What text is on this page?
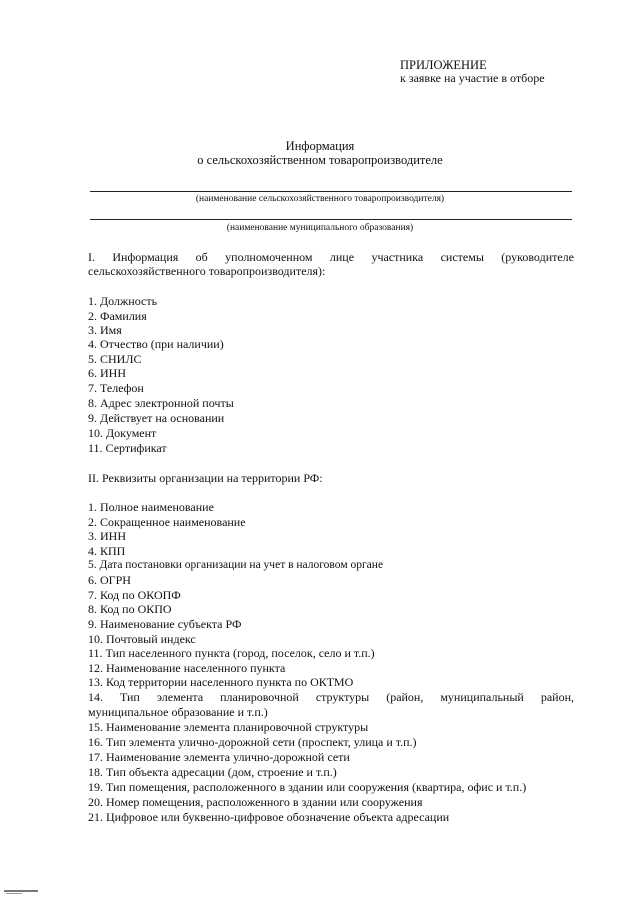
ПРИЛОЖЕНИЕ
к заявке на участие в отборе
Информация
о сельскохозяйственном товаропроизводителе
(наименование сельскохозяйственного товаропроизводителя)
(наименование муниципального образования)
I. Информация об уполномоченном лице участника системы (руководителе
сельскохозяйственного товаропроизводителя):
1. Должность
2. Фамилия
3. Имя
4. Отчество (при наличии)
5. СНИЛС
6. ИНН
7. Телефон
8. Адрес электронной почты
9. Действует на основании
10. Документ
11. Сертификат
II. Реквизиты организации на территории РФ:
1. Полное наименование
2. Сокращенное наименование
3. ИНН
4. КПП
5. Дата постановки организации на учет в налоговом органе
6. ОГРН
7. Код по ОКОПФ
8. Код по ОКПО
9. Наименование субъекта РФ
10. Почтовый индекс
11. Тип населенного пункта (город, поселок, село и т.п.)
12. Наименование населенного пункта
13. Код территории населенного пункта по ОКТМО
14. Тип элемента планировочной структуры (район, муниципальный район,
муниципальное образование и т.п.)
15. Наименование элемента планировочной структуры
16. Тип элемента улично-дорожной сети (проспект, улица и т.п.)
17. Наименование элемента улично-дорожной сети
18. Тип объекта адресации (дом, строение и т.п.)
19. Тип помещения, расположенного в здании или сооружения (квартира, офис и т.п.)
20. Номер помещения, расположенного в здании или сооружения
21. Цифровое или буквенно-цифровое обозначение объекта адресации
